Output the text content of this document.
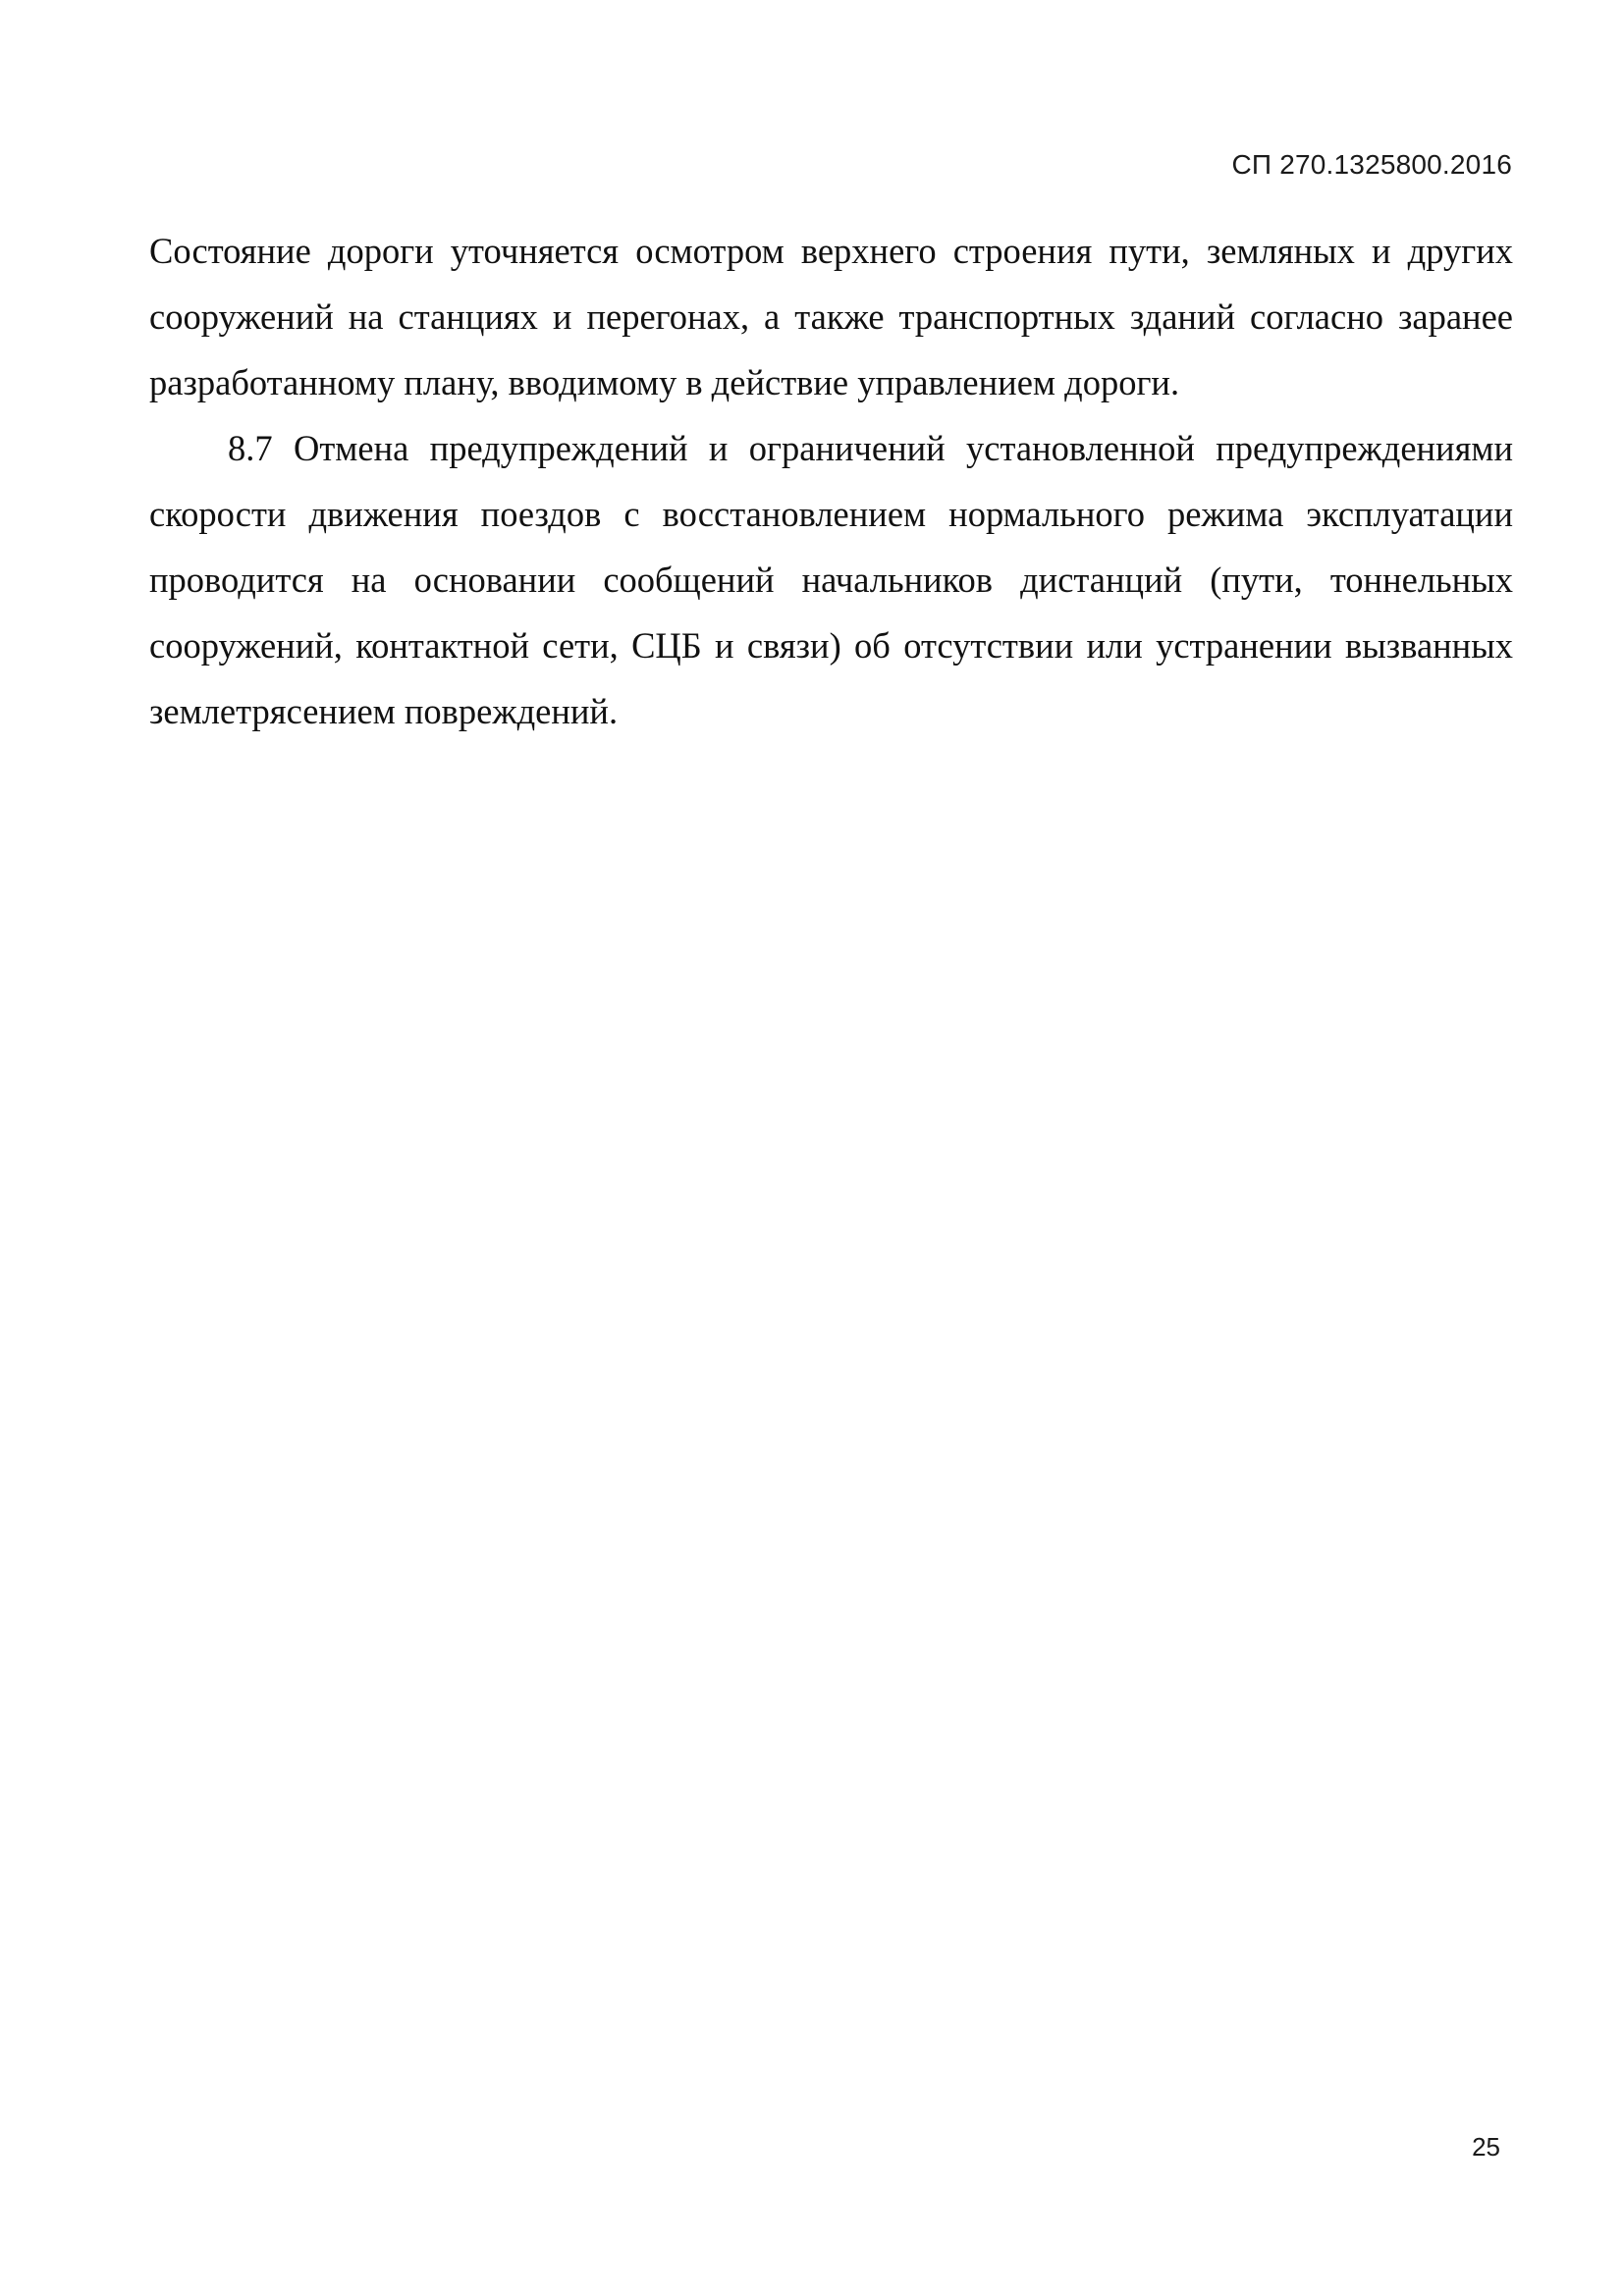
СП 270.1325800.2016

Состояние дороги уточняется осмотром верхнего строения пути, земляных и других сооружений на станциях и перегонах, а также транспортных зданий согласно заранее разработанному плану, вводимому в действие управлением дороги.

8.7 Отмена предупреждений и ограничений установленной предупреждениями скорости движения поездов с восстановлением нормального режима эксплуатации проводится на основании сообщений начальников дистанций (пути, тоннельных сооружений, контактной сети, СЦБ и связи) об отсутствии или устранении вызванных землетрясением повреждений.

25
